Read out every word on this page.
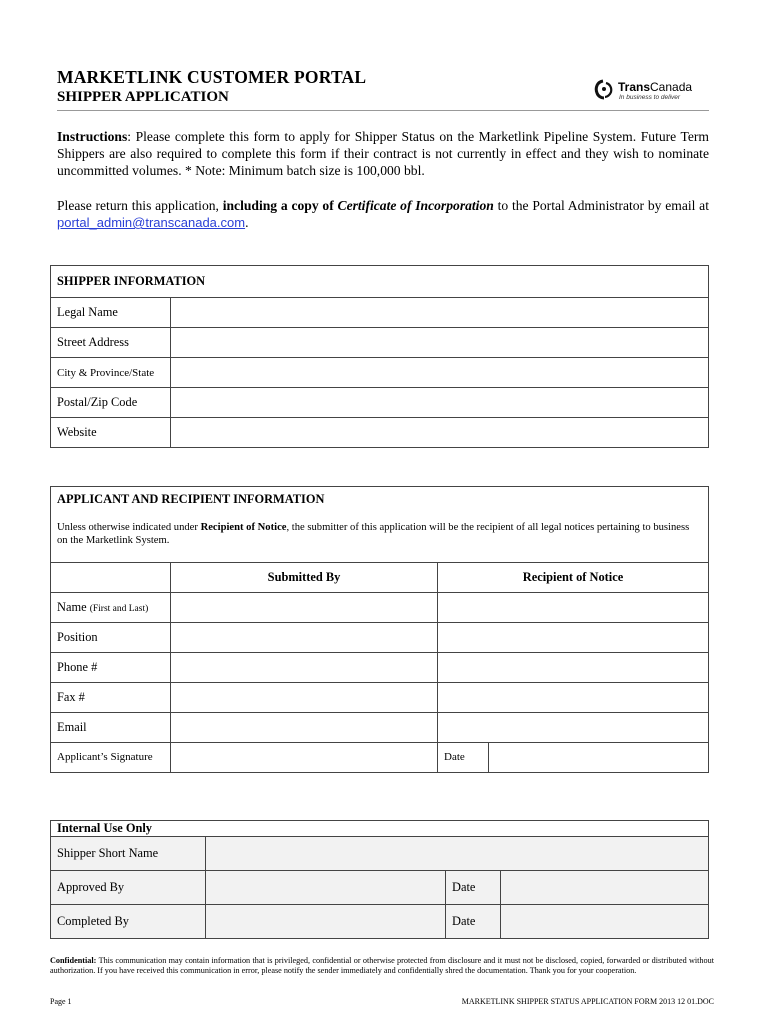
MARKETLINK CUSTOMER PORTAL
SHIPPER APPLICATION
TransCanada
In business to deliver
Instructions: Please complete this form to apply for Shipper Status on the Marketlink Pipeline System. Future Term Shippers are also required to complete this form if their contract is not currently in effect and they wish to nominate uncommitted volumes. * Note: Minimum batch size is 100,000 bbl.
Please return this application, including a copy of Certificate of Incorporation to the Portal Administrator by email at portal_admin@transcanada.com.
SHIPPER INFORMATION	
Legal Name	
Street Address	
City & Province/State	
Postal/Zip Code	
Website	
APPLICANT AND RECIPIENT INFORMATION
Unless otherwise indicated under Recipient of Notice, the submitter of this application will be the recipient of all legal notices pertaining to business on the Marketlink System.			
	Submitted By	Recipient of Notice	
Name (First and Last)			
Position			
Phone #			
Fax #			
Email			
Applicant’s Signature		Date	
Internal Use Only			
Shipper Short Name			
Approved By		Date	
Completed By		Date	
Confidential: This communication may contain information that is privileged, confidential or otherwise protected from disclosure and it must not be disclosed, copied, forwarded or distributed without authorization. If you have received this communication in error, please notify the sender immediately and confidentially shred the documentation. Thank you for your cooperation.
Page 1	MARKETLINK SHIPPER STATUS APPLICATION FORM 2013 12 01.DOC
